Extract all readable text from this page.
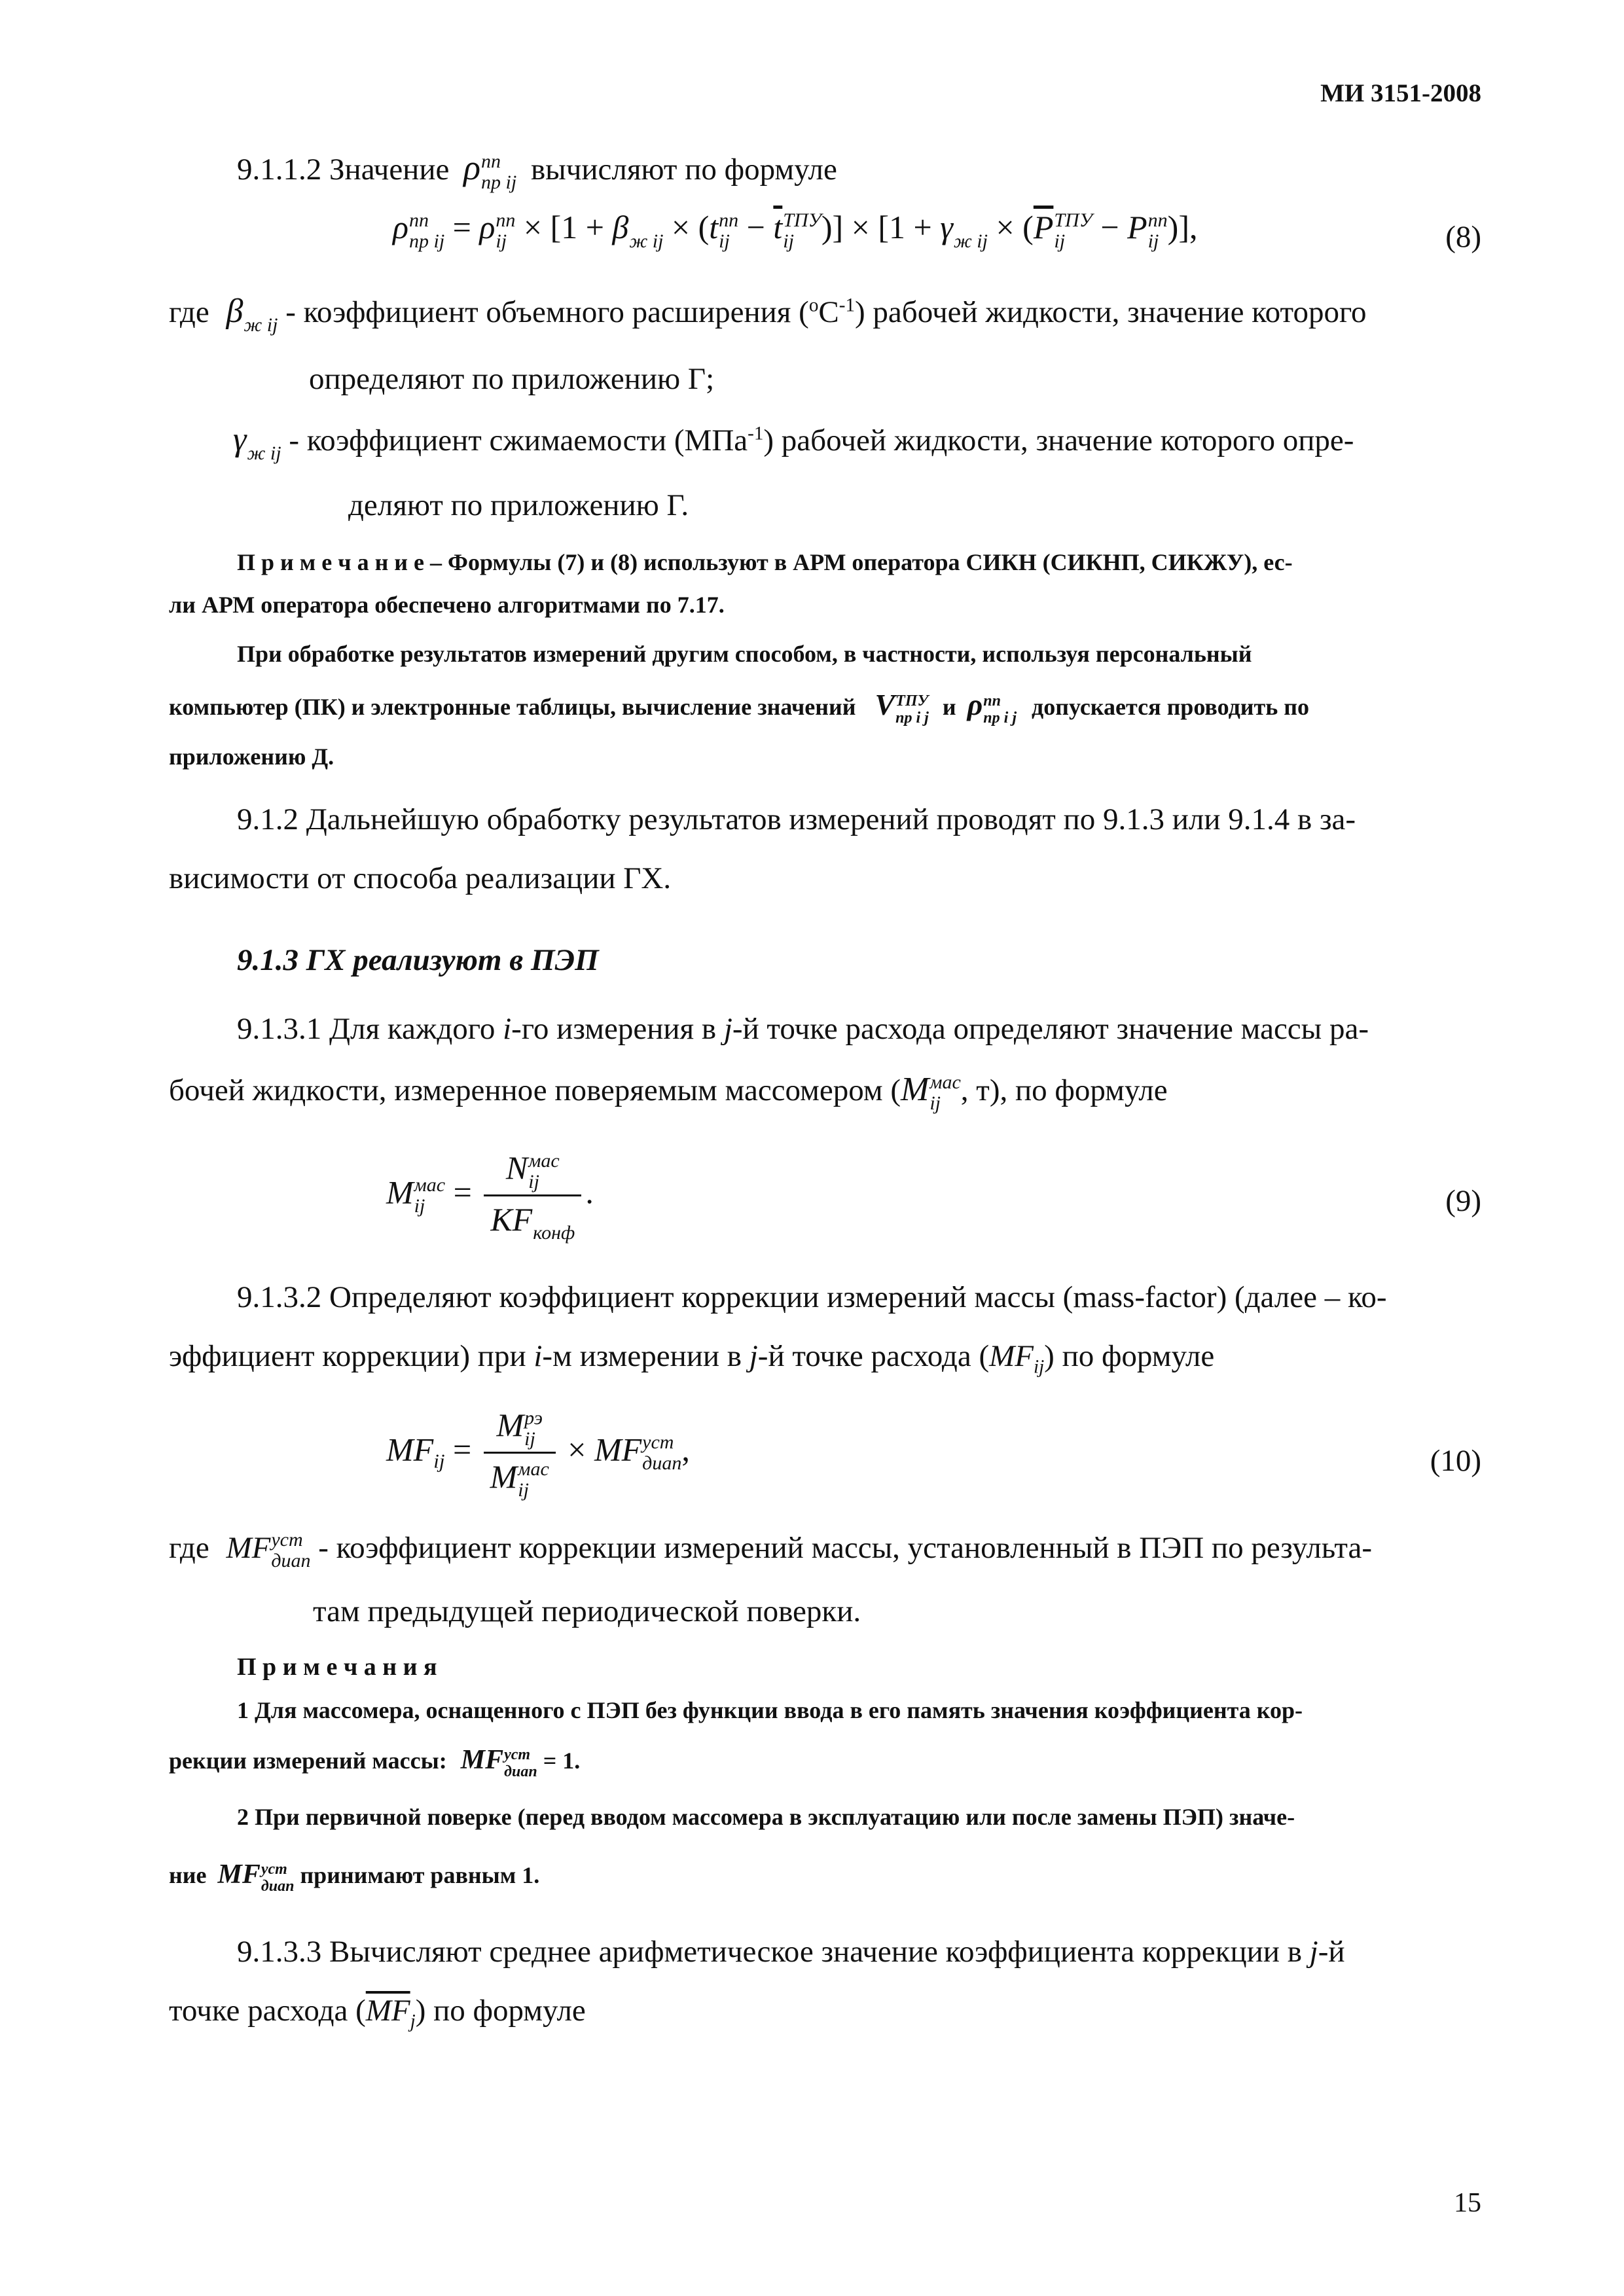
МИ 3151-2008
9.1.1.2 Значение ρ пп
пр ij вычисляют по формуле
ρ пп
пр ij = ρ пп
ij × [1 + β
ж ij × (t пп
ij − $\overline{t}$ ТПУ
ij )] × [1 + γ
ж ij × ($\overline{P}$ ТПУ
ij − P пп
ij )],	(8)
где β
ж ij - коэффициент объемного расширения $(^oС^{-1})$ рабочей жидкости, значение которого
определяют по приложению Г;
γ
ж ij - коэффициент сжимаемости (МПа$^{-1}$) рабочей жидкости, значение которого опре-
деляют по приложению Г.
П р и м е ч а н и е – Формулы (7) и (8) используют в АРМ оператора СИКН (СИКНП, СИКЖУ), ес-
ли АРМ оператора обеспечено алгоритмами по 7.17.
При обработке результатов измерений другим способом, в частности, используя персональный
компьютер (ПК) и электронные таблицы, вычисление значений V ТПУ
пр i j и ρ пп
пр i j допускается проводить по
приложению Д.
9.1.2 Дальнейшую обработку результатов измерений проводят по 9.1.3 или 9.1.4 в за-
висимости от способа реализации ГХ.
9.1.3 ГХ реализуют в ПЭП
9.1.3.1 Для каждого i-го измерения в j-й точке расхода определяют значение массы ра-
бочей жидкости, измеренное поверяемым массомером (M мас
ij , т), по формуле
M мас
ij = N мас
ij
KF
конф .	(9)
9.1.3.2 Определяют коэффициент коррекции измерений массы (mass-factor) (далее – ко-
эффициент коррекции) при i-м измерении в j-й точке расхода $(MF_{ij})$ по формуле
$MF_{ij} = M$ рэ
ij
M мас
ij × MF уст
диап ,	(10)
где MF уст
диап - коэффициент коррекции измерений массы, установленный в ПЭП по результа-
там предыдущей периодической поверки.
П р и м е ч а н и я
1 Для массомера, оснащенного с ПЭП без функции ввода в его память значения коэффициента кор-
рекции измерений массы: MF уст
диап = 1.
2 При первичной поверке (перед вводом массомера в эксплуатацию или после замены ПЭП) значе-
ние MF уст
диап принимают равным 1.
9.1.3.3 Вычисляют среднее арифметическое значение коэффициента коррекции в j-й
точке расхода $(\overline{MF}_j)$ по формуле
15
